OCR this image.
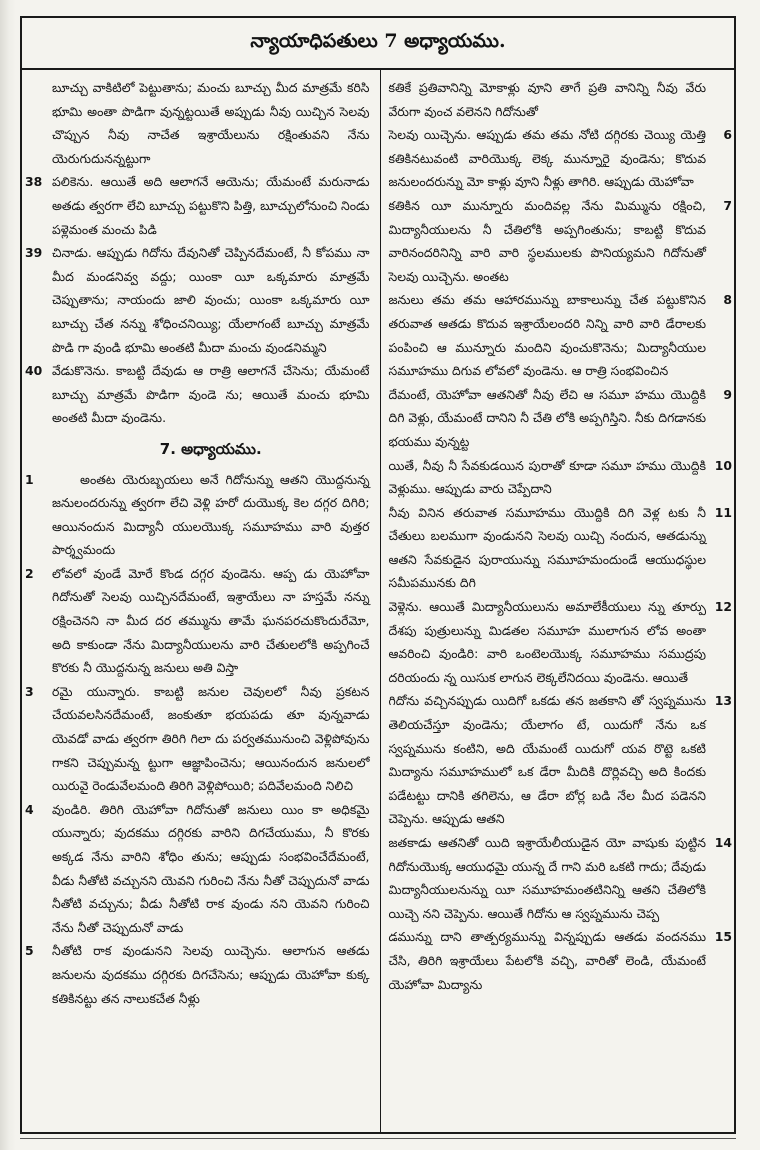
న్యాయాధిపతులు 7 అధ్యాయము.

బూచ్చు వాకిటిలో పెట్టుతాను; మంచు బూచ్చు మీద మాత్రమే కరిసి భూమి అంతా పొడిగా వున్నట్టయితే అప్పుడు నీవు యిచ్చిన సెలవు చొప్పున నీవు నాచేత ఇశ్రాయేలును రక్షింతువని నేను యెరుగుదునన్నట్టుగా

38 పలికెను. ఆయితే అది ఆలాగనే ఆయెను; యేమంటే మరునాడు అతడు త్వరగా లేచి బూచ్చు పట్టుకొని పిత్తి, బూచ్చులోనుంచి నిండు పళ్లెమంత మంచు పిడి

39 చినాడు. ఆప్పుడు గిదోను దేవునితో చెప్పినదేమంటే, నీ కోపము నా మీద మండనివ్వ వద్దు; యింకా యీ ఒక్కమారు మాత్రమే చెప్పుతాను; నాయందు జాలి వుంచు; యింకా ఒక్కమారు యీ బూచ్చు చేత నన్ను శోధించనియ్యి; యేలాగంటే బూచ్చు మాత్రమే పొడి గా వుండి భూమి అంతటి మీదా మంచు వుండనిమ్మని

40 వేడుకొనెను. కాబట్టి దేవుడు ఆ రాత్రి ఆలాగనే చేసెను; యేమంటే బూచ్చు మాత్రమే పొడిగా వుండె ను; ఆయితే మంచు భూమి అంతటి మీదా వుండెను.

7. అధ్యాయము.

1	అంతట యెరుబ్బయలు అనే గిదోనున్ను ఆతని యొద్దనున్న జనులందరున్ను త్వరగా లేచి వెళ్లి హరో దుయొక్క కెల దగ్గర దిగిరి; ఆయినందున మిద్యానీ యులయొక్క సమూహము వారి వుత్తర పార్శ్వమందు

2 లోవలో వుండే మోరే కొండ దగ్గర వుండెను. ఆప్ప డు యెహోవా గిదోనుతో సెలవు యిచ్చినదేమంటే, ఇశ్రాయేలు నా హస్తమే నన్ను రక్షించెనని నా మీద దర తమ్మును తామే ఘనపరచుకొందురేమో, అది కాకుండా నేను మిద్యానీయులను వారి చేతులలోకి అప్పగించే కొరకు నీ యొద్దనున్న జనులు అతి విస్తా

3 రమై యున్నారు. కాబట్టి జనుల చెవులలో నీవు ప్రకటన చేయవలసినదేమంటే, జంకుతూ భయపడు తూ వున్నవాడు యెవడో వాడు త్వరగా తిరిగి గిలా దు పర్వతమునుంచి వెళ్లిపోవును గాకని చెప్పుమన్న ట్టుగా ఆజ్ఞాపించెను; ఆయినందున జనులలో యిరువై రెండువేలమంది తిరిగి వెళ్లిపోయిరి; పదివేలమంది నిలిచి

4 వుండిరి. తిరిగి యెహోవా గిదోనుతో జనులు యిం కా అధికమై యున్నారు; వుదకము దగ్గిరకు వారిని దిగచేయుము, నీ కొరకు అక్కడ నేను వారిని శోధిం తును; ఆప్పుడు సంభవించేదేమంటే, వీడు నీతోటి వచ్చునని యెవని గురించి నేను నీతో చెప్పుదునో వాడు నీతోటి వచ్చును; వీడు నీతోటి రాక వుండు నని యెవని గురించి నేను నీతో చెప్పుదునో వాడు

5 నీతోటి రాక వుండునని సెలవు యిచ్చెను. ఆలాగున ఆతడు జనులను వుదకము దగ్గిరకు దిగచేసెను; ఆప్పుడు యెహోవా కుక్క కతికినట్టు తన నాలుకచేత నీళ్లు

కతికే ప్రతివానిన్ని మోకాళ్లు వూని తాగే ప్రతి వానిన్ని నీవు వేరు వేరుగా వుంచ వలెనని గిదోనుతో

6
సెలవు యిచ్చెను. ఆప్పుడు తమ తమ నోటి దగ్గిరకు చెయ్యి యెత్తి కతికినటువంటి వారియొక్క లెక్క మున్నూరై వుండెను; కొదువ జనులందరున్ను మో కాళ్లు వూని నీళ్లు తాగిరి. ఆప్పుడు యెహోవా

7
కతికిన యీ మున్నూరు మందివల్ల నేను మిమ్మును రక్షించి, మిద్యానీయులను నీ చేతిలోకి అప్పగింతును; కాబట్టి కొదువ వారినందరినిన్ని వారి వారి స్థలములకు పొనియ్యమని గిదోనుతో సెలవు యిచ్చెను. అంతట

8
జనులు తమ తమ ఆహారమున్ను బాకాలున్ను చేత పట్టుకొనిన తరువాత ఆతడు కొదువ ఇశ్రాయేలందరి నిన్ని వారి వారి డేరాలకు పంపించి ఆ మున్నూరు మందిని వుంచుకొనెను; మిద్యానీయుల సమూహము దిగువ లోవలో వుండెను. ఆ రాత్రి సంభవించిన

9
దేమంటే, యెహోవా ఆతనితో నీవు లేచి ఆ సమూ హము యొద్దికి దిగి వెళ్లు, యేమంటే దానిని నీ చేతి లోకి అప్పగిస్తిని. నీకు దిగడానకు భయము వున్నట్ట

10
యితే, నీవు నీ సేవకుడయిన పురాతో కూడా సమూ హము యొద్దికి వెళ్లుము. ఆప్పుడు వారు చెప్పేదాని

11
నీవు వినిన తరువాత సమూహము యొద్దికి దిగి వెళ్ల టకు నీ చేతులు బలముగా వుండునని సెలవు యిచ్చి నందున, ఆతడున్ను ఆతని సేవకుడైన పురాయున్ను సమూహమందుండే ఆయుధస్థుల సమీపమునకు దిగి

12
వెళ్లెను. ఆయితే మిద్యానీయులును అమాలేకీయులు న్ను తూర్పు దేశపు పుత్రులున్ను మిడతల సమూహ ములాగున లోవ అంతా ఆవరించి వుండిరి: వారి ఒంటెలయొక్క సమూహము సముద్రపు దరియందు న్న యిసుక లాగున లెక్కలేనిదయి వుండెను. ఆయితే

13
గిదోను వచ్చినప్పుడు యిదిగో ఒకడు తన జతకాని తో స్వప్నమును తెలియచేస్తూ వుండెను; యేలాగం టే, యిదుగో నేను ఒక స్వప్నమును కంటిని, అది యేమంటే యిదుగో యవ రొట్టె ఒకటి మిద్యాను సమూహములో ఒక డేరా మీదికి దొర్లివచ్చి అది కిందకు పడేటట్టు దానికి తగిలెను, ఆ డేరా బోర్ల బడి నేల మీద పడెనని చెప్పెను. ఆప్పుడు ఆతని

14
జతకాడు ఆతనితో యిది ఇశ్రాయేలీయుడైన యో వాషుకు పుట్టిన గిదోనుయొక్క ఆయుధమై యున్న దే గాని మరి ఒకటి గాదు; దేవుడు మిద్యానీయులనున్ను యీ సమూహమంతటినిన్ని ఆతని చేతిలోకి యిచ్చె నని చెప్పెను. ఆయితే గిదోను ఆ స్వప్నమును చెప్ప

15
డమున్ను దాని తాత్పర్యమున్ను విన్నప్పుడు ఆతడు వందనము చేసి, తిరిగి ఇశ్రాయేలు పేటలోకి వచ్చి, వారితో లెండి, యేమంటే యెహోవా మిద్యాను
